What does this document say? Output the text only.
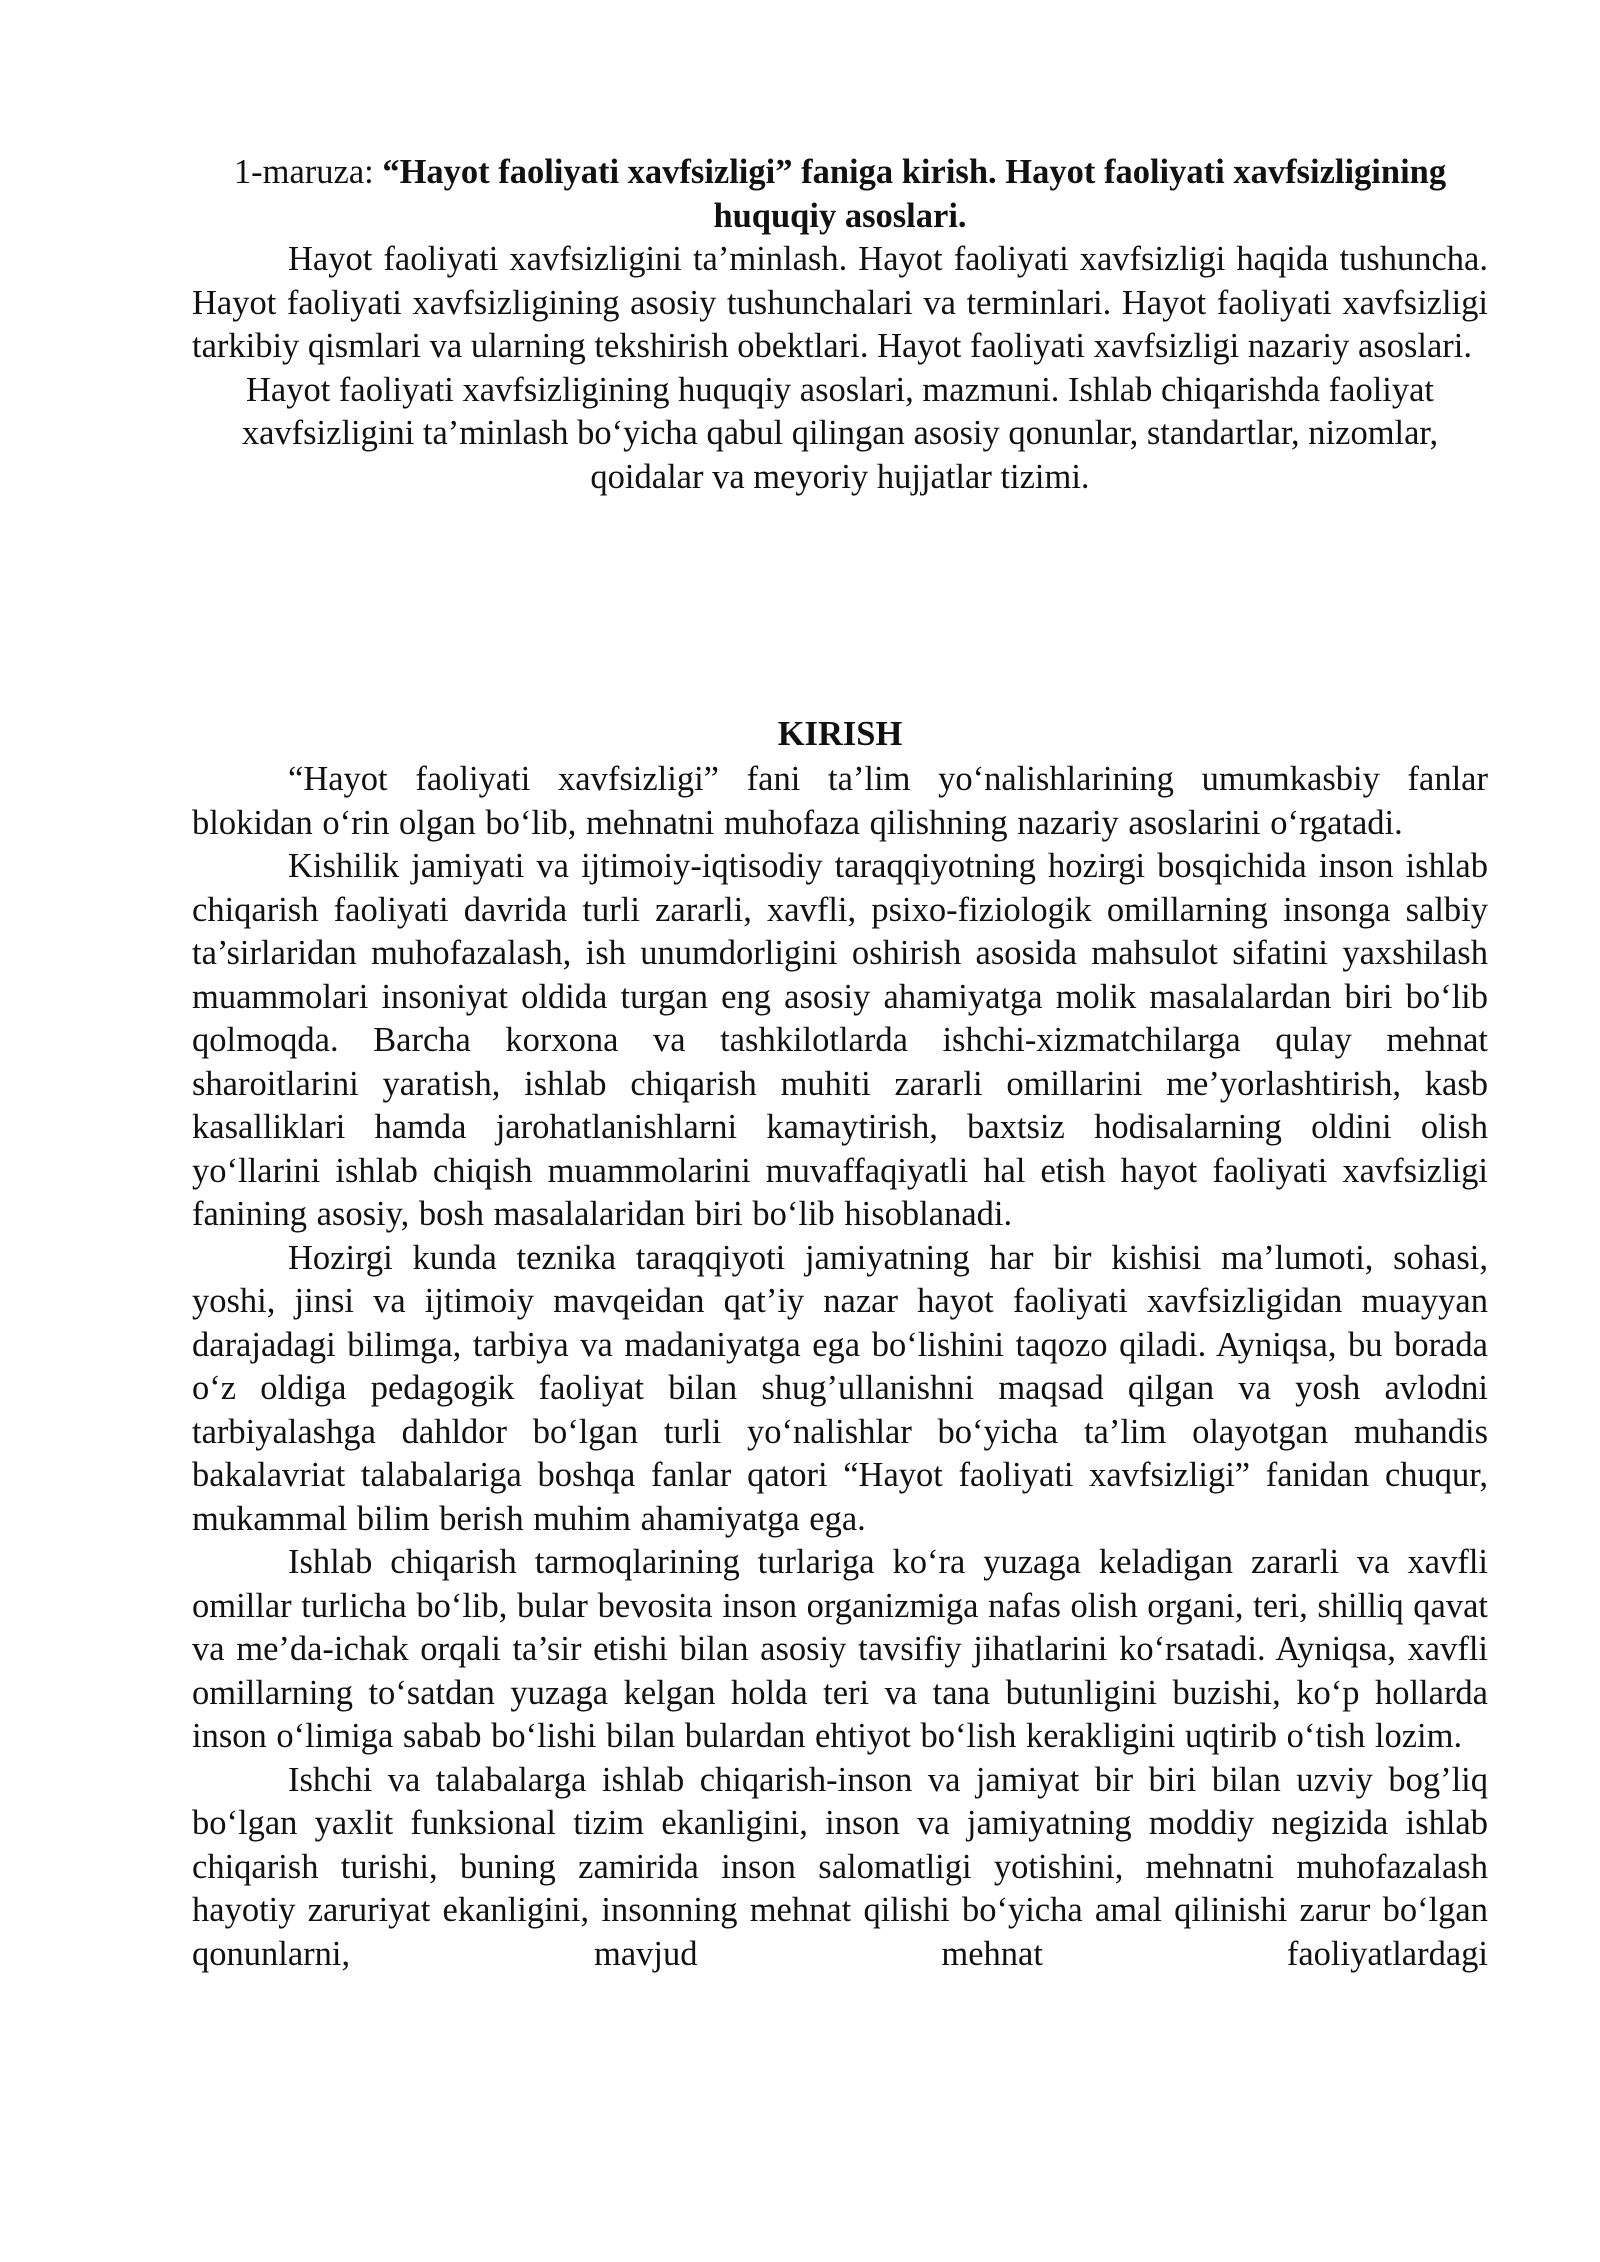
1-maruza: “Hayot faoliyati xavfsizligi” faniga kirish. Hayot faoliyati xavfsizligining huquqiy asoslari.

Hayot faoliyati xavfsizligini ta’minlash. Hayot faoliyati xavfsizligi haqida tushuncha. Hayot faoliyati xavfsizligining asosiy tushunchalari va terminlari. Hayot faoliyati xavfsizligi tarkibiy qismlari va ularning tekshirish obektlari. Hayot faoliyati xavfsizligi nazariy asoslari.

Hayot faoliyati xavfsizligining huquqiy asoslari, mazmuni. Ishlab chiqarishda faoliyat xavfsizligini ta’minlash bo‘yicha qabul qilingan asosiy qonunlar, standartlar, nizomlar, qoidalar va meyoriy hujjatlar tizimi.

KIRISH

“Hayot faoliyati xavfsizligi” fani ta’lim yo‘nalishlarining umumkasbiy fanlar blokidan o‘rin olgan bo‘lib, mehnatni muhofaza qilishning nazariy asoslarini o‘rgatadi.

Kishilik jamiyati va ijtimoiy-iqtisodiy taraqqiyotning hozirgi bosqichida inson ishlab chiqarish faoliyati davrida turli zararli, xavfli, psixo-fiziologik omillarning insonga salbiy ta’sirlaridan muhofazalash, ish unumdorligini oshirish asosida mahsulot sifatini yaxshilash muammolari insoniyat oldida turgan eng asosiy ahamiyatga molik masalalardan biri bo‘lib qolmoqda. Barcha korxona va tashkilotlarda ishchi-xizmatchilarga qulay mehnat sharoitlarini yaratish, ishlab chiqarish muhiti zararli omillarini me’yorlashtirish, kasb kasalliklari hamda jarohatlanishlarni kamaytirish, baxtsiz hodisalarning oldini olish yo‘llarini ishlab chiqish muammolarini muvaffaqiyatli hal etish hayot faoliyati xavfsizligi fanining asosiy, bosh masalalaridan biri bo‘lib hisoblanadi.

Hozirgi kunda teznika taraqqiyoti jamiyatning har bir kishisi ma’lumoti, sohasi, yoshi, jinsi va ijtimoiy mavqeidan qat’iy nazar hayot faoliyati xavfsizligidan muayyan darajadagi bilimga, tarbiya va madaniyatga ega bo‘lishini taqozo qiladi. Ayniqsa, bu borada o‘z oldiga pedagogik faoliyat bilan shug’ullanishni maqsad qilgan va yosh avlodni tarbiyalashga dahldor bo‘lgan turli yo‘nalishlar bo‘yicha ta’lim olayotgan muhandis bakalavriat talabalariga boshqa fanlar qatori “Hayot faoliyati xavfsizligi” fanidan chuqur, mukammal bilim berish muhim ahamiyatga ega.

Ishlab chiqarish tarmoqlarining turlariga ko‘ra yuzaga keladigan zararli va xavfli omillar turlicha bo‘lib, bular bevosita inson organizmiga nafas olish organi, teri, shilliq qavat va me’da-ichak orqali ta’sir etishi bilan asosiy tavsifiy jihatlarini ko‘rsatadi. Ayniqsa, xavfli omillarning to‘satdan yuzaga kelgan holda teri va tana butunligini buzishi, ko‘p hollarda inson o‘limiga sabab bo‘lishi bilan bulardan ehtiyot bo‘lish kerakligini uqtirib o‘tish lozim.

Ishchi va talabalarga ishlab chiqarish-inson va jamiyat bir biri bilan uzviy bog’liq bo‘lgan yaxlit funksional tizim ekanligini, inson va jamiyatning moddiy negizida ishlab chiqarish turishi, buning zamirida inson salomatligi yotishini, mehnatni muhofazalash hayotiy zaruriyat ekanligini, insonning mehnat qilishi bo‘yicha amal qilinishi zarur bo‘lgan qonunlarni, mavjud mehnat faoliyatlardagi
